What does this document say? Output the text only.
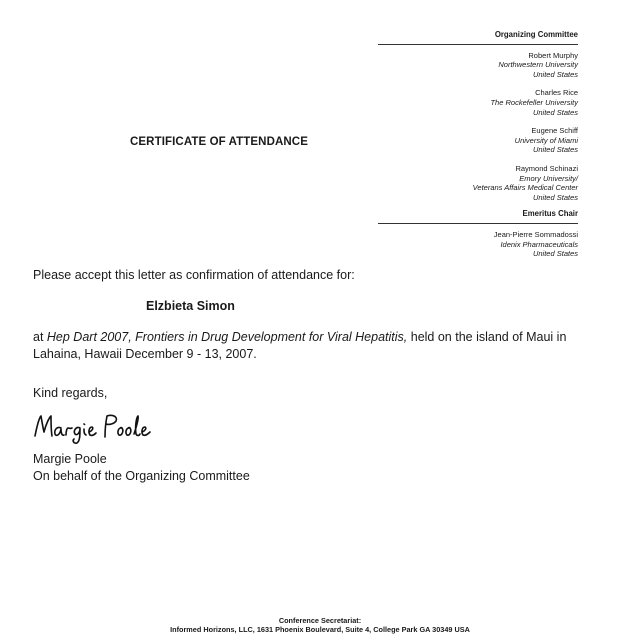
Organizing Committee
Robert Murphy
Northwestern University
United States
Charles Rice
The Rockefeller University
United States
Eugene Schiff
University of Miami
United States
Raymond Schinazi
Emory University/
Veterans Affairs Medical Center
United States
Emeritus Chair
Jean-Pierre Sommadossi
Idenix Pharmaceuticals
United States
CERTIFICATE OF ATTENDANCE
Please accept this letter as confirmation of attendance for:
Elzbieta Simon
at Hep Dart 2007, Frontiers in Drug Development for Viral Hepatitis, held on the island of Maui in Lahaina, Hawaii December 9 - 13, 2007.
Kind regards,
Margie Poole
On behalf of the Organizing Committee
Conference Secretariat:
Informed Horizons, LLC, 1631 Phoenix Boulevard, Suite 4, College Park GA 30349 USA
